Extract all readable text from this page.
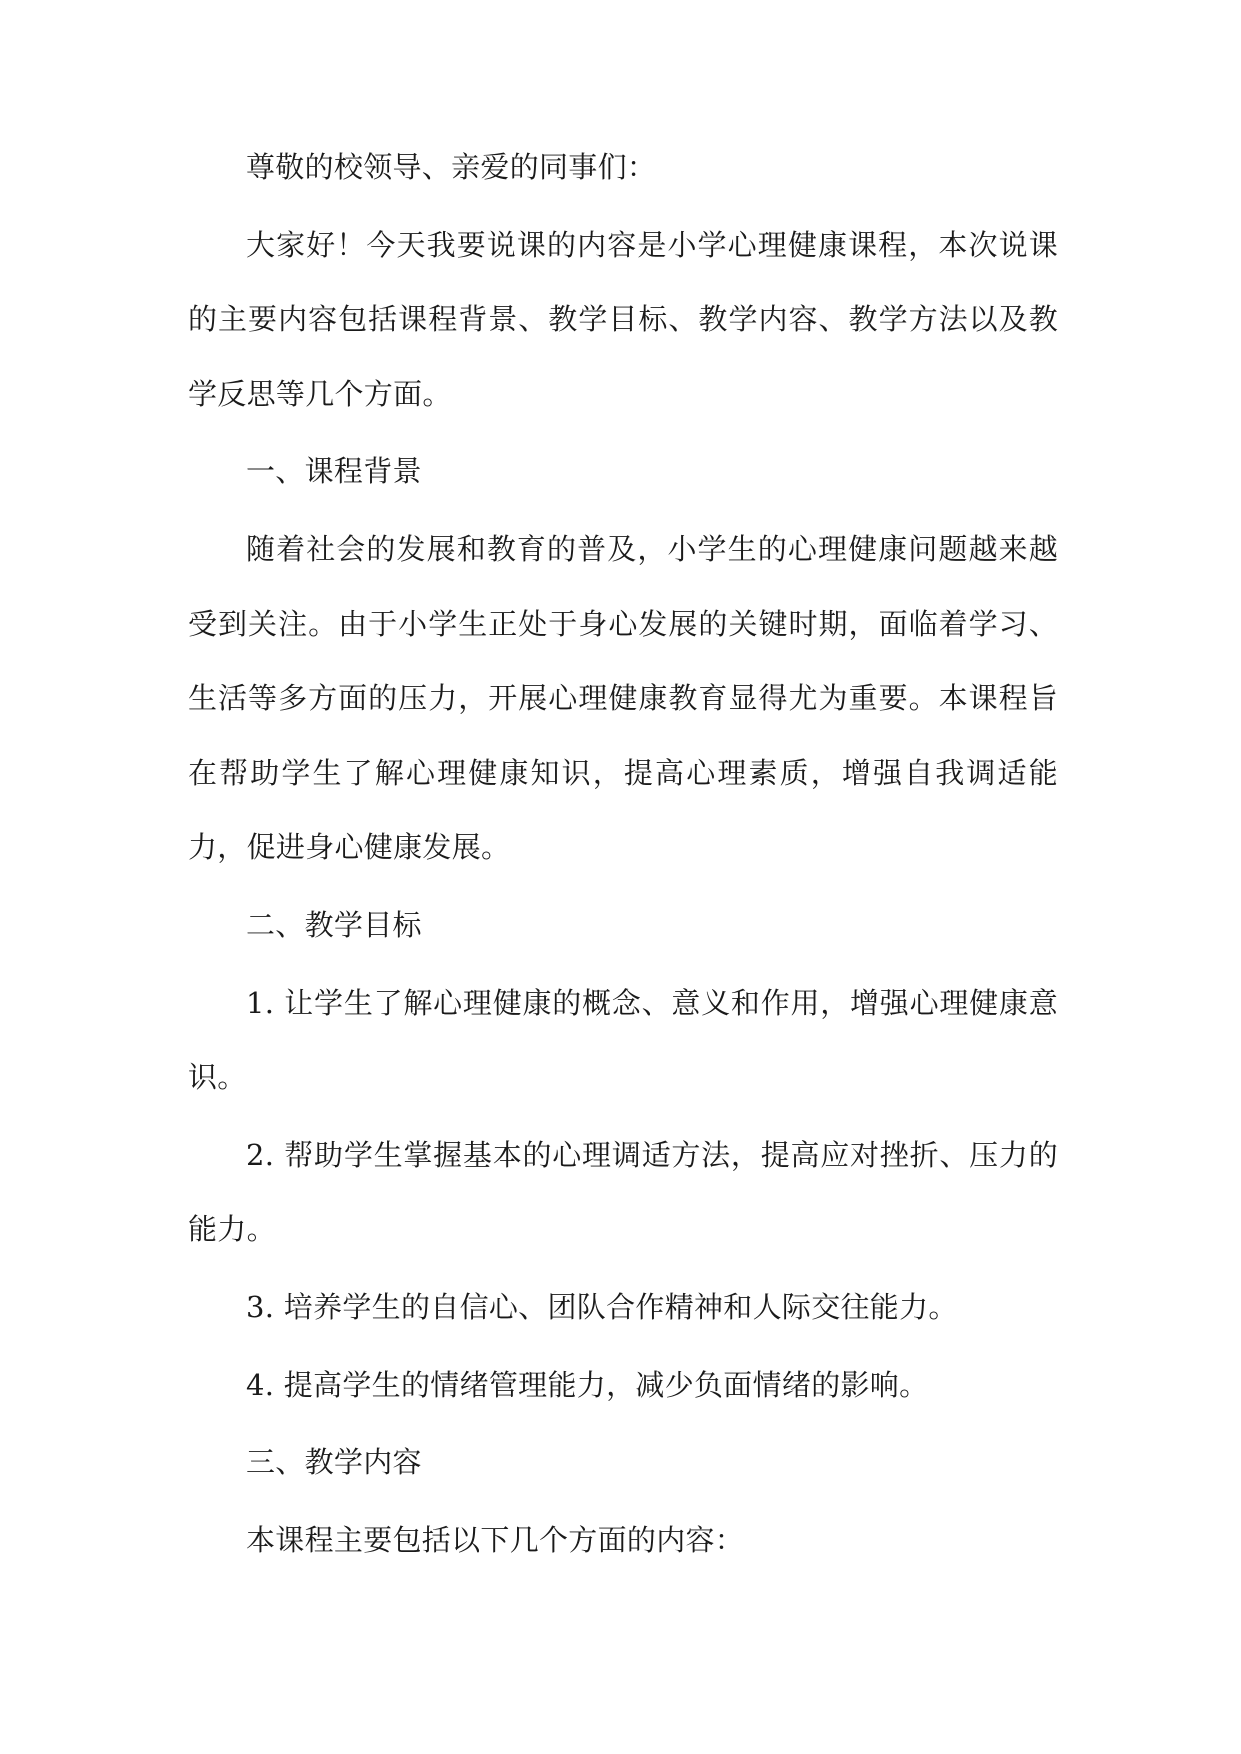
尊敬的校领导、亲爱的同事们：

大家好！今天我要说课的内容是小学心理健康课程，本次说课的主要内容包括课程背景、教学目标、教学内容、教学方法以及教学反思等几个方面。

一、课程背景

随着社会的发展和教育的普及，小学生的心理健康问题越来越受到关注。由于小学生正处于身心发展的关键时期，面临着学习、生活等多方面的压力，开展心理健康教育显得尤为重要。本课程旨在帮助学生了解心理健康知识，提高心理素质，增强自我调适能力，促进身心健康发展。

二、教学目标

1. 让学生了解心理健康的概念、意义和作用，增强心理健康意识。

2. 帮助学生掌握基本的心理调适方法，提高应对挫折、压力的能力。

3. 培养学生的自信心、团队合作精神和人际交往能力。

4. 提高学生的情绪管理能力，减少负面情绪的影响。

三、教学内容

本课程主要包括以下几个方面的内容：
